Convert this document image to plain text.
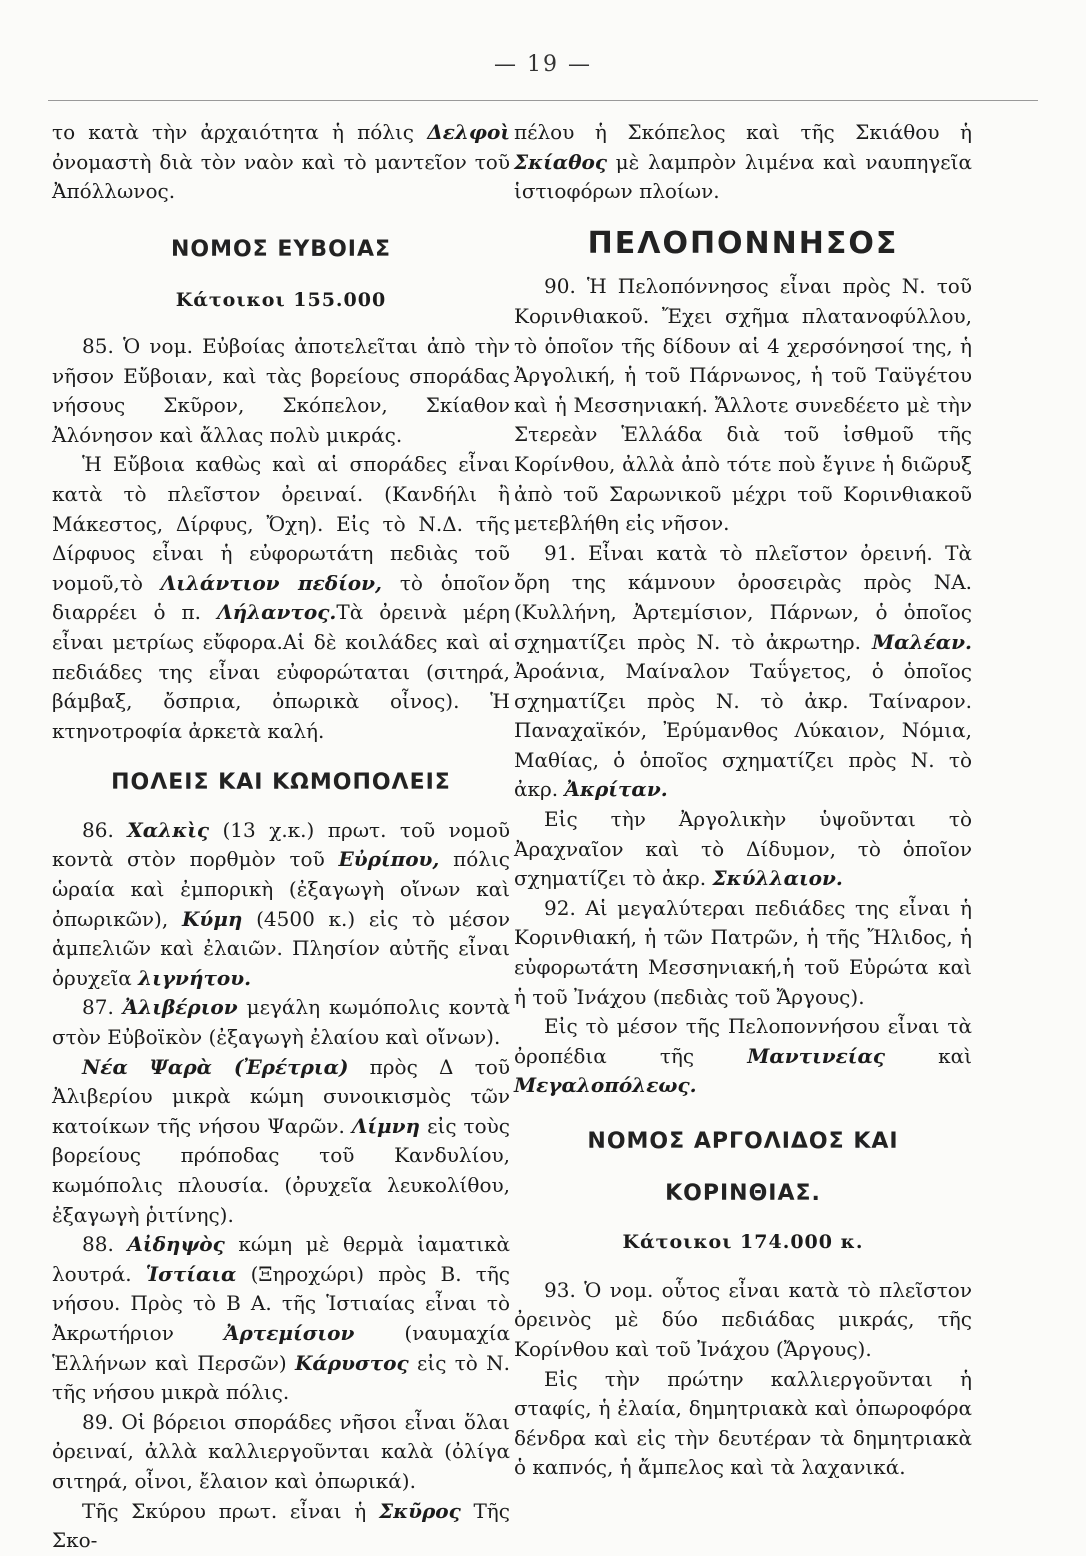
— 19 —

το κατὰ τὴν ἀρχαιότητα ἡ πόλις Δελφοὶ ὀνομαστὴ διὰ τὸν ναὸν καὶ τὸ μαντεῖον τοῦ Ἀπόλλωνος.

ΝΟΜΟΣ ΕΥΒΟΙΑΣ
Κάτοικοι 155.000

85. Ὁ νομ. Εὐβοίας ἀποτελεῖται ἀπὸ τὴν νῆσον Εὔβοιαν, καὶ τὰς βορείους σποράδας νήσους Σκῦρον, Σκόπελον, Σκίαθον Ἀλόνησον καὶ ἄλλας πολὺ μικράς.

Ἡ Εὔβοια καθὼς καὶ αἱ σποράδες εἶναι κατὰ τὸ πλεῖστον ὀρειναί. (Κανδήλι ἢ Μάκεστος, Δίρφυς, Ὄχη). Εἰς τὸ Ν.Δ. τῆς Δίρφυος εἶναι ἡ εὐφορωτάτη πεδιὰς τοῦ νομοῦ,τὸ Λιλάντιον πεδίον, τὸ ὁποῖον διαρρέει ὁ π. Λήλαντος.Τὰ ὀρεινὰ μέρη εἶναι μετρίως εὔφορα.Αἱ δὲ κοιλάδες καὶ αἱ πεδιάδες της εἶναι εὐφορώταται (σιτηρά, βάμβαξ, ὄσπρια, ὀπωρικὰ οἶνος). Ἡ κτηνοτροφία ἀρκετὰ καλή.

ΠΟΛΕΙΣ ΚΑΙ ΚΩΜΟΠΟΛΕΙΣ

86. Χαλκὶς (13 χ.κ.) πρωτ. τοῦ νομοῦ κοντὰ στὸν πορθμὸν τοῦ Εὐρίπου, πόλις ὡραία καὶ ἐμπορικὴ (ἐξαγωγὴ οἴνων καὶ ὀπωρικῶν), Κύμη (4500 κ.) εἰς τὸ μέσον ἀμπελιῶν καὶ ἐλαιῶν. Πλησίον αὐτῆς εἶναι ὀρυχεῖα λιγνήτου.

87. Ἀλιβέριον μεγάλη κωμόπολις κοντὰ στὸν Εὐβοϊκὸν (ἐξαγωγὴ ἐλαίου καὶ οἴνων).

Νέα Ψαρὰ (Ἐρέτρια) πρὸς Δ τοῦ Ἀλιβερίου μικρὰ κώμη συνοικισμὸς τῶν κατοίκων τῆς νήσου Ψαρῶν. Λίμνη εἰς τοὺς βορείους πρόποδας τοῦ Κανδυλίου, κωμόπολις πλουσία. (ὀρυχεῖα λευκολίθου, ἐξαγωγὴ ῥιτίνης).

88. Αἰδηψὸς κώμη μὲ θερμὰ ἰαματικὰ λουτρά. Ἱστίαια (Ξηροχώρι) πρὸς Β. τῆς νήσου. Πρὸς τὸ Β Α. τῆς Ἱστιαίας εἶναι τὸ Ἀκρωτήριον Ἀρτεμίσιον (ναυμαχία Ἑλλήνων καὶ Περσῶν) Κάρυστος εἰς τὸ Ν. τῆς νήσου μικρὰ πόλις.

89. Οἱ βόρειοι σποράδες νῆσοι εἶναι ὅλαι ὀρειναί, ἀλλὰ καλλιεργοῦνται καλὰ (ὀλίγα σιτηρά, οἶνοι, ἔλαιον καὶ ὀπωρικά).

Τῆς Σκύρου πρωτ. εἶναι ἡ Σκῦρος Τῆς Σκο-

πέλου ἡ Σκόπελος καὶ τῆς Σκιάθου ἡ Σκίαθος μὲ λαμπρὸν λιμένα καὶ ναυπηγεῖα ἱστιοφόρων πλοίων.

ΠΕΛΟΠΟΝΝΗΣΟΣ

90. Ἡ Πελοπόννησος εἶναι πρὸς Ν. τοῦ Κορινθιακοῦ. Ἔχει σχῆμα πλατανοφύλλου, τὸ ὁποῖον τῆς δίδουν αἱ 4 χερσόνησοί της, ἡ Ἀργολική, ἡ τοῦ Πάρνωνος, ἡ τοῦ Ταϋγέτου καὶ ἡ Μεσσηνιακή. Ἄλλοτε συνεδέετο μὲ τὴν Στερεὰν Ἑλλάδα διὰ τοῦ ἰσθμοῦ τῆς Κορίνθου, ἀλλὰ ἀπὸ τότε ποὺ ἔγινε ἡ διῶρυξ ἀπὸ τοῦ Σαρωνικοῦ μέχρι τοῦ Κορινθιακοῦ μετεβλήθη εἰς νῆσον.

91. Εἶναι κατὰ τὸ πλεῖστον ὀρεινή. Τὰ ὄρη της κάμνουν ὀροσειρὰς πρὸς ΝΑ. (Κυλλήνη, Ἀρτεμίσιον, Πάρνων, ὁ ὁποῖος σχηματίζει πρὸς Ν. τὸ ἀκρωτηρ. Μαλέαν. Ἀροάνια, Μαίναλον Ταΰγετος, ὁ ὁποῖος σχηματίζει πρὸς Ν. τὸ ἀκρ. Ταίναρον. Παναχαϊκόν, Ἐρύμανθος Λύκαιον, Νόμια, Μαθίας, ὁ ὁποῖος σχηματίζει πρὸς Ν. τὸ ἀκρ. Ἀκρίταν.

Εἰς τὴν Ἀργολικὴν ὑψοῦνται τὸ Ἀραχναῖον καὶ τὸ Δίδυμον, τὸ ὁποῖον σχηματίζει τὸ ἀκρ. Σκύλλαιον.

92. Αἱ μεγαλύτεραι πεδιάδες της εἶναι ἡ Κορινθιακή, ἡ τῶν Πατρῶν, ἡ τῆς Ἤλιδος, ἡ εὐφορωτάτη Μεσσηνιακή,ἡ τοῦ Εὐρώτα καὶ ἡ τοῦ Ἰνάχου (πεδιὰς τοῦ Ἄργους).

Εἰς τὸ μέσον τῆς Πελοποννήσου εἶναι τὰ ὀροπέδια τῆς Μαντινείας καὶ Μεγαλοπόλεως.

ΝΟΜΟΣ ΑΡΓΟΛΙΔΟΣ ΚΑΙ
ΚΟΡΙΝΘΙΑΣ.
Κάτοικοι 174.000 κ.

93. Ὁ νομ. οὗτος εἶναι κατὰ τὸ πλεῖστον ὀρεινὸς μὲ δύο πεδιάδας μικράς, τῆς Κορίνθου καὶ τοῦ Ἰνάχου (Ἄργους).

Εἰς τὴν πρώτην καλλιεργοῦνται ἡ σταφίς, ἡ ἐλαία, δημητριακὰ καὶ ὀπωροφόρα δένδρα καὶ εἰς τὴν δευτέραν τὰ δημητριακὰ ὁ καπνός, ἡ ἄμπελος καὶ τὰ λαχανικά.
